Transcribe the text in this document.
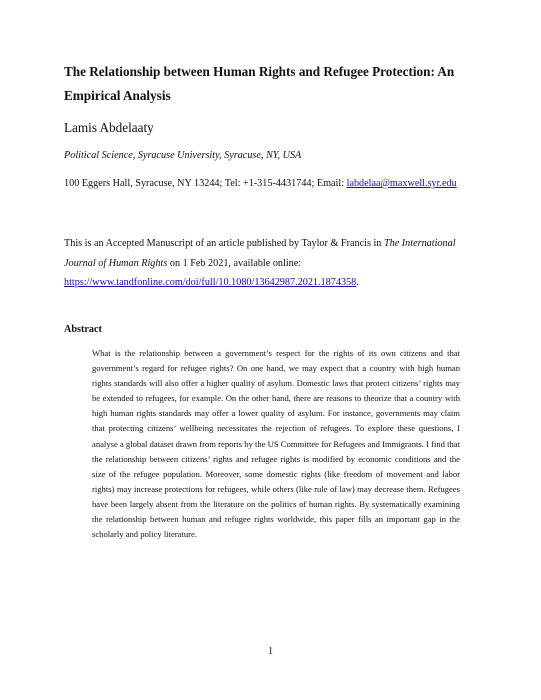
The Relationship between Human Rights and Refugee Protection: An Empirical Analysis
Lamis Abdelaaty
Political Science, Syracuse University, Syracuse, NY, USA
100 Eggers Hall, Syracuse, NY 13244; Tel: +1-315-4431744; Email: labdelaa@maxwell.syr.edu
This is an Accepted Manuscript of an article published by Taylor & Francis in The International Journal of Human Rights on 1 Feb 2021, available online: https://www.tandfonline.com/doi/full/10.1080/13642987.2021.1874358.
Abstract
What is the relationship between a government’s respect for the rights of its own citizens and that government’s regard for refugee rights? On one hand, we may expect that a country with high human rights standards will also offer a higher quality of asylum. Domestic laws that protect citizens’ rights may be extended to refugees, for example. On the other hand, there are reasons to theorize that a country with high human rights standards may offer a lower quality of asylum. For instance, governments may claim that protecting citizens’ wellbeing necessitates the rejection of refugees. To explore these questions, I analyse a global dataset drawn from reports by the US Committee for Refugees and Immigrants. I find that the relationship between citizens’ rights and refugee rights is modified by economic conditions and the size of the refugee population. Moreover, some domestic rights (like freedom of movement and labor rights) may increase protections for refugees, while others (like rule of law) may decrease them. Refugees have been largely absent from the literature on the politics of human rights. By systematically examining the relationship between human and refugee rights worldwide, this paper fills an important gap in the scholarly and policy literature.
1
